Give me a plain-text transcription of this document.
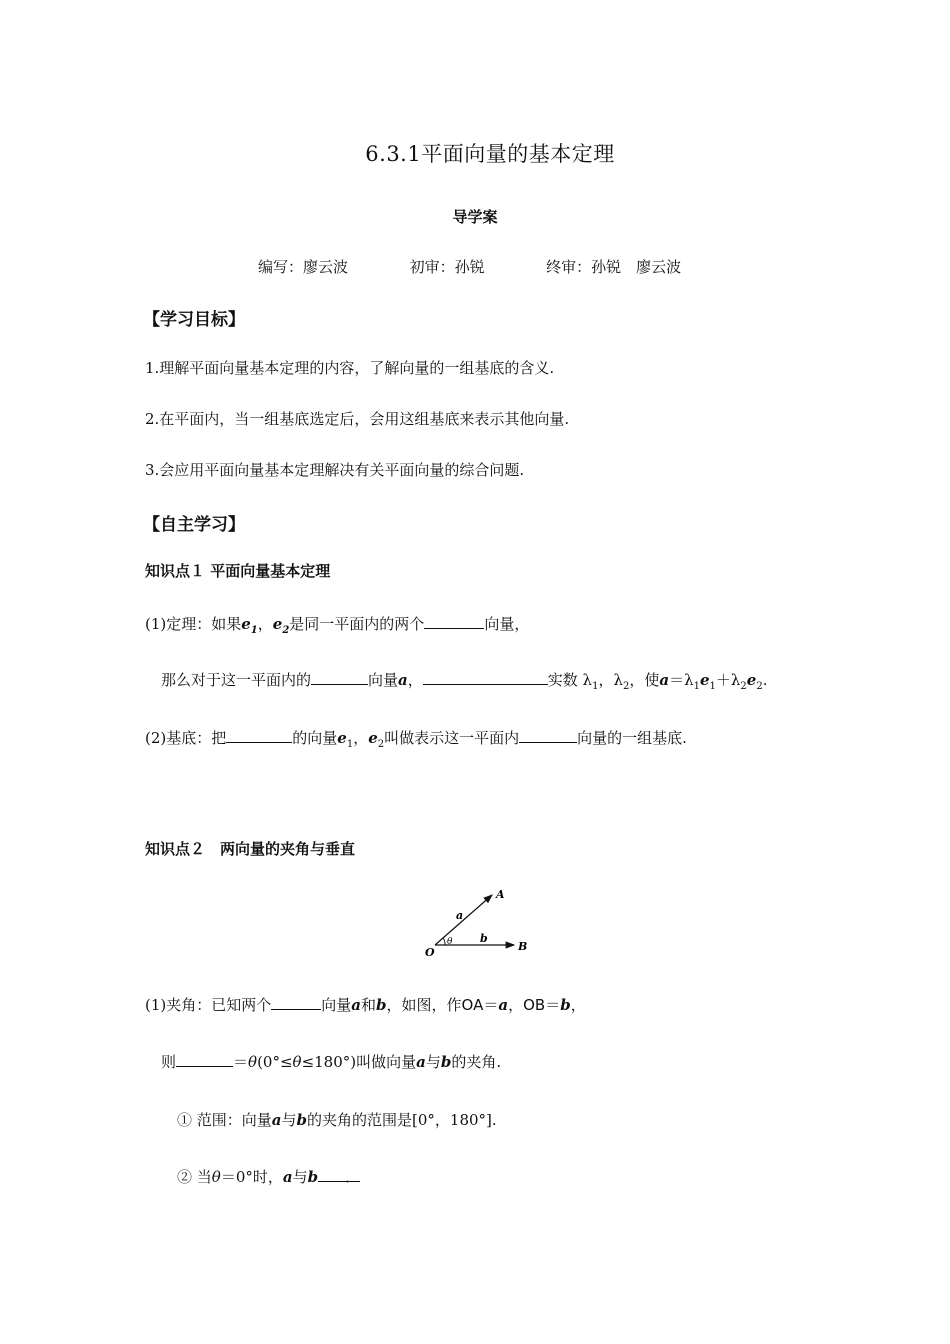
6.3.1平面向量的基本定理
导学案
编写：廖云波	初审：孙锐	终审：孙锐　廖云波
【学习目标】
1.理解平面向量基本定理的内容，了解向量的一组基底的含义.
2.在平面内，当一组基底选定后，会用这组基底来表示其他向量.
3.会应用平面向量基本定理解决有关平面向量的综合问题.
【自主学习】
知识点１ 平面向量基本定理
(1)定理：如果$e_1$，$e_2$是同一平面内的两个	向量，
那么对于这一平面内的	向量a，	实数 $\lambda_1$，$\lambda_2$，使$a=\lambda_1e_1+\lambda_2e_2$.
(2)基底：把	的向量$e_1$，$e_2$叫做表示这一平面内	向量的一组基底.
知识点２　两向量的夹角与垂直
A
B
O
a
b
θ
(1)夹角：已知两个	向量a和b，如图，作OA＝a，OB＝b，
则	＝θ(0°≤θ≤180°)叫做向量a与b的夹角.
① 范围：向量a与b的夹角的范围是[0°，180°].
② 当θ＝0°时，a与b ．
